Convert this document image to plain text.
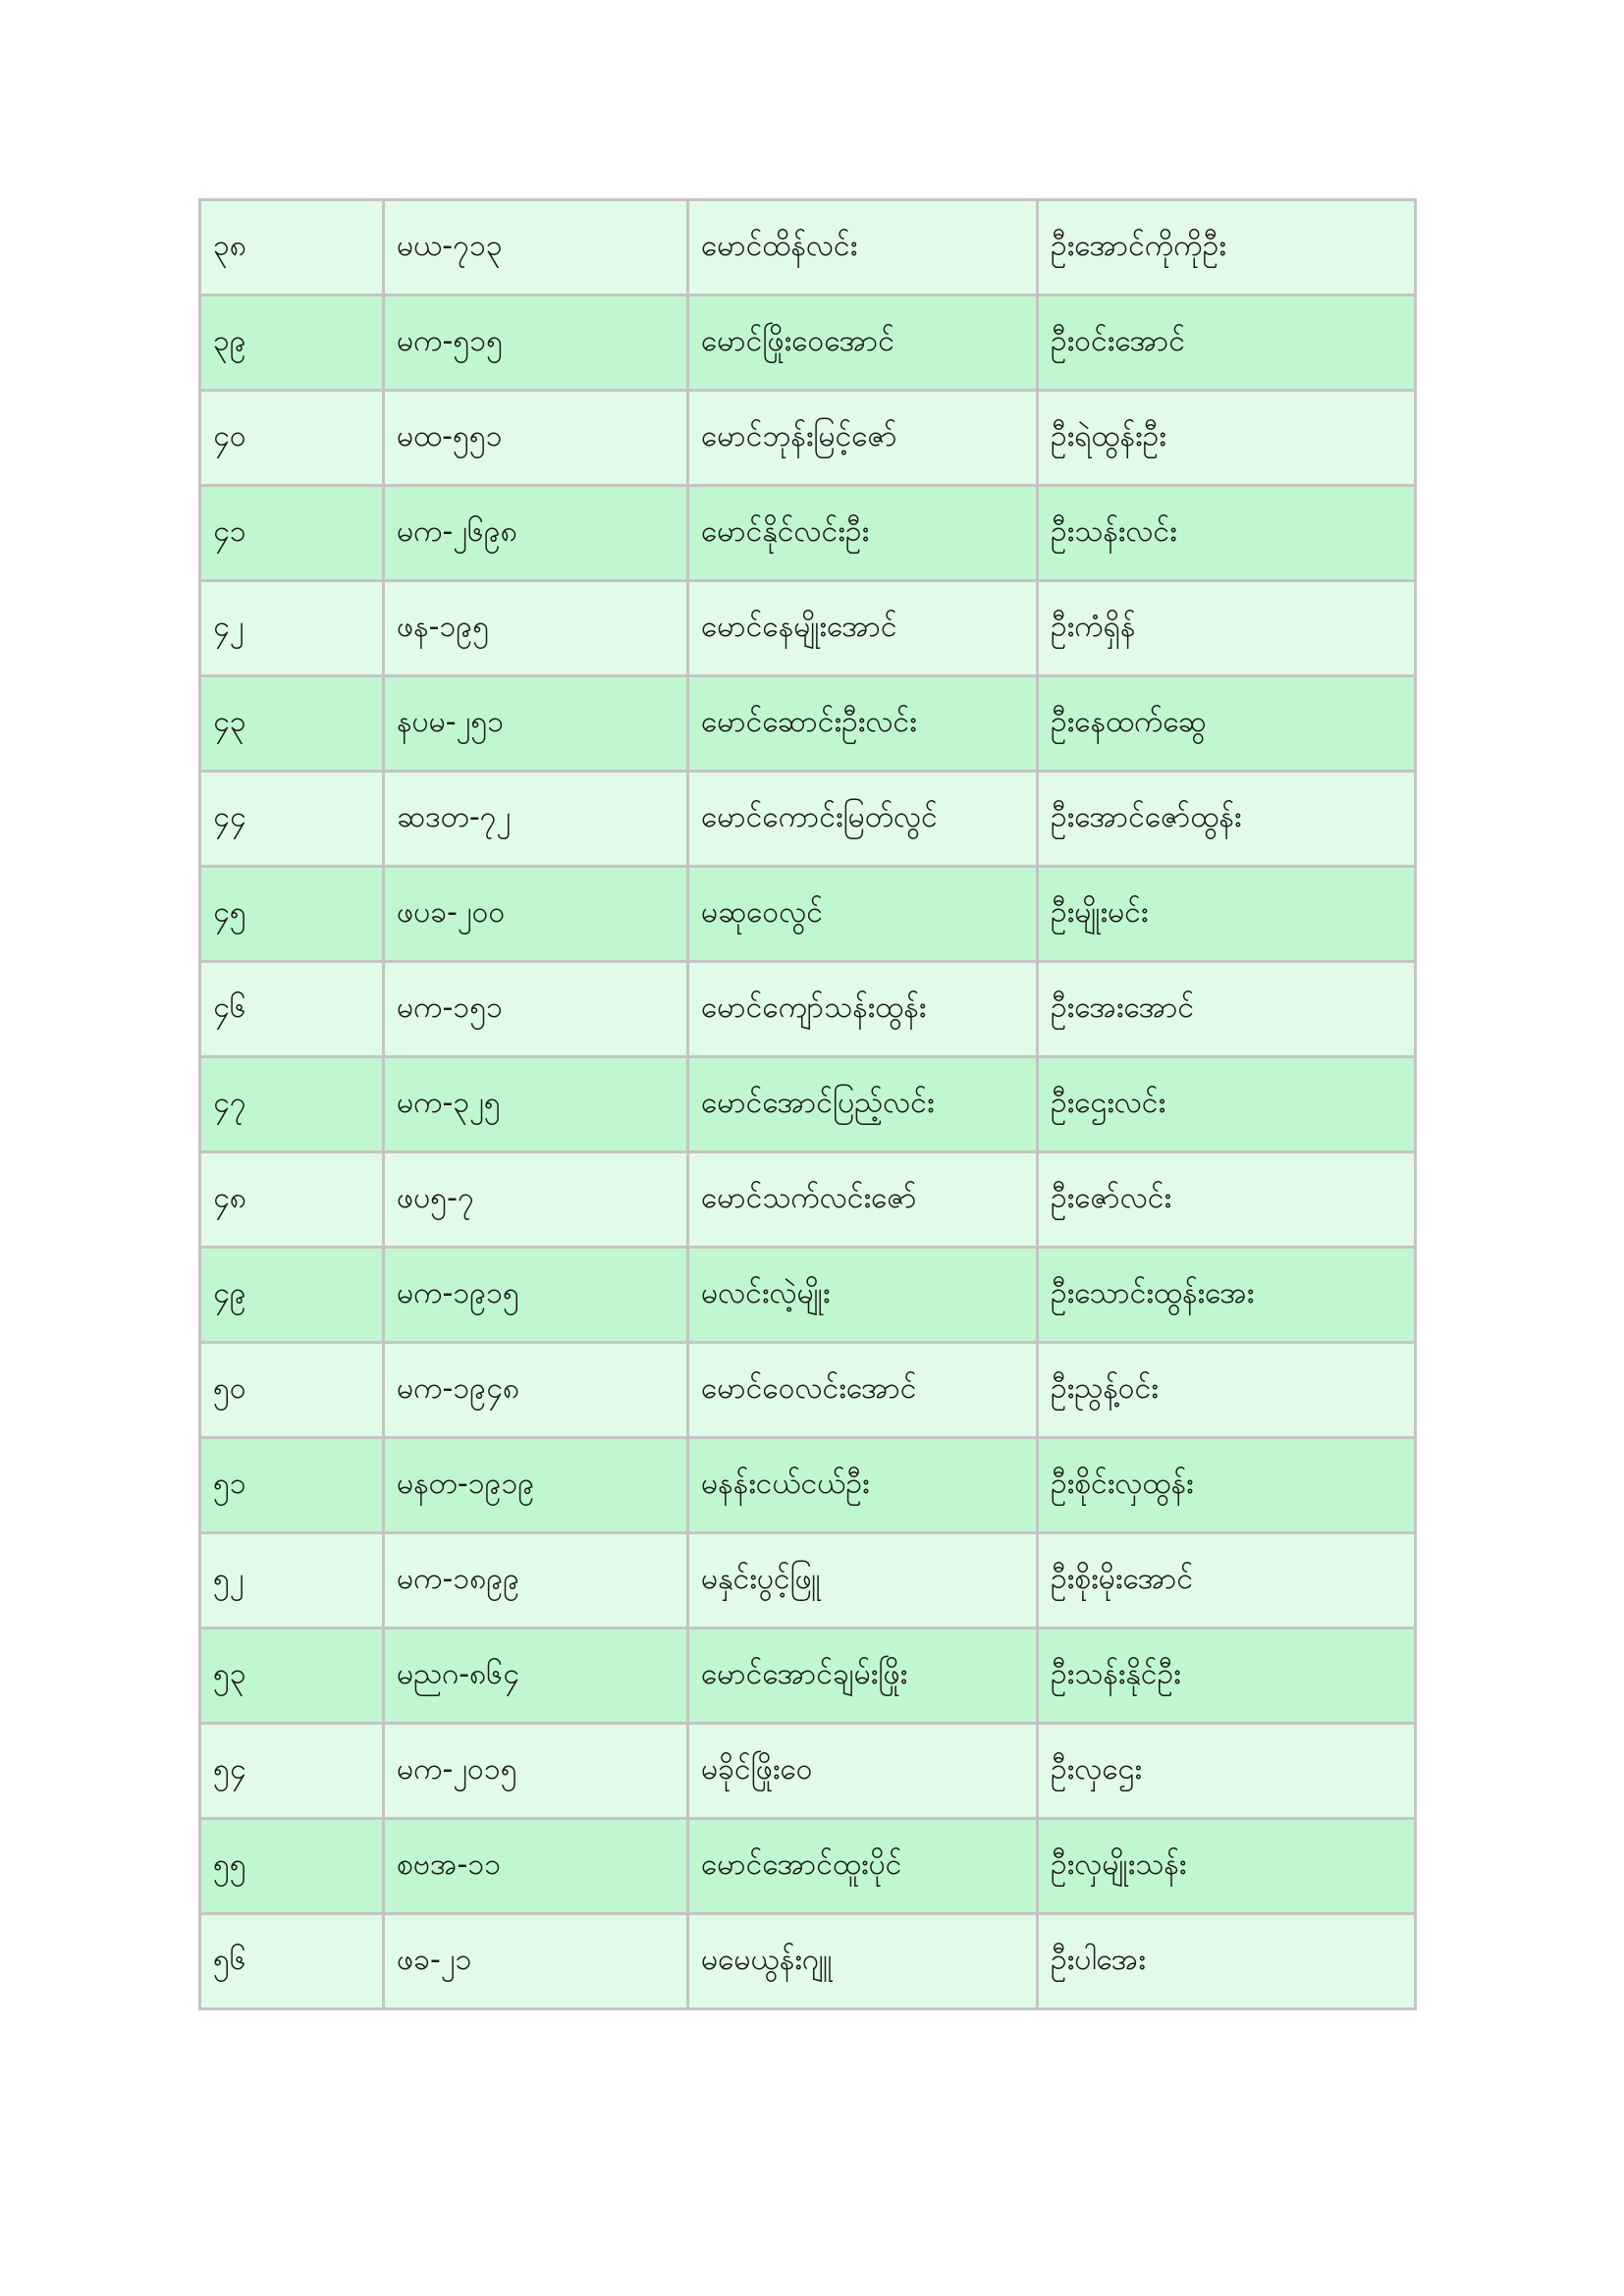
၃၈	မယ-၇၁၃	မောင်ထိန်လင်း	ဦးအောင်ကိုကိုဦး
၃၉	မက-၅၁၅	မောင်ဖြိုးဝေအောင်	ဦးဝင်းအောင်
၄၀	မထ-၅၅၁	မောင်ဘုန်းမြင့်ဇော်	ဦးရဲထွန်းဦး
၄၁	မက-၂၆၉၈	မောင်နိုင်လင်းဦး	ဦးသန်းလင်း
၄၂	ဖန-၁၉၅	မောင်နေမျိုးအောင်	ဦးကံရှိန်
၄၃	နပမ-၂၅၁	မောင်ဆောင်းဦးလင်း	ဦးနေထက်ဆွေ
၄၄	ဆဒတ-၇၂	မောင်ကောင်းမြတ်လွင်	ဦးအောင်ဇော်ထွန်း
၄၅	ဖပခ-၂၀၀	မဆုဝေလွင်	ဦးမျိုးမင်း
၄၆	မက-၁၅၁	မောင်ကျော်သန်းထွန်း	ဦးအေးအောင်
၄၇	မက-၃၂၅	မောင်အောင်ပြည့်လင်း	ဦးဌေးလင်း
၄၈	ဖပ၅-၇	မောင်သက်လင်းဇော်	ဦးဇော်လင်း
၄၉	မက-၁၉၁၅	မလင်းလဲ့မျိုး	ဦးသောင်းထွန်းအေး
၅၀	မက-၁၉၄၈	မောင်ဝေလင်းအောင်	ဦးညွန့်ဝင်း
၅၁	မနတ-၁၉၁၉	မနန်းငယ်ငယ်ဦး	ဦးစိုင်းလှထွန်း
၅၂	မက-၁၈၉၉	မနှင်းပွင့်ဖြူ	ဦးစိုးမိုးအောင်
၅၃	မညဂ-၈၆၄	မောင်အောင်ချမ်းဖြိုး	ဦးသန်းနိုင်ဦး
၅၄	မက-၂၀၁၅	မခိုင်ဖြိုးဝေ	ဦးလှဌေး
၅၅	စဗအ-၁၁	မောင်အောင်ထူးပိုင်	ဦးလှမျိုးသန်း
၅၆	ဖခ-၂၁	မမေယွန်းဂျူ	ဦးပါအေး
